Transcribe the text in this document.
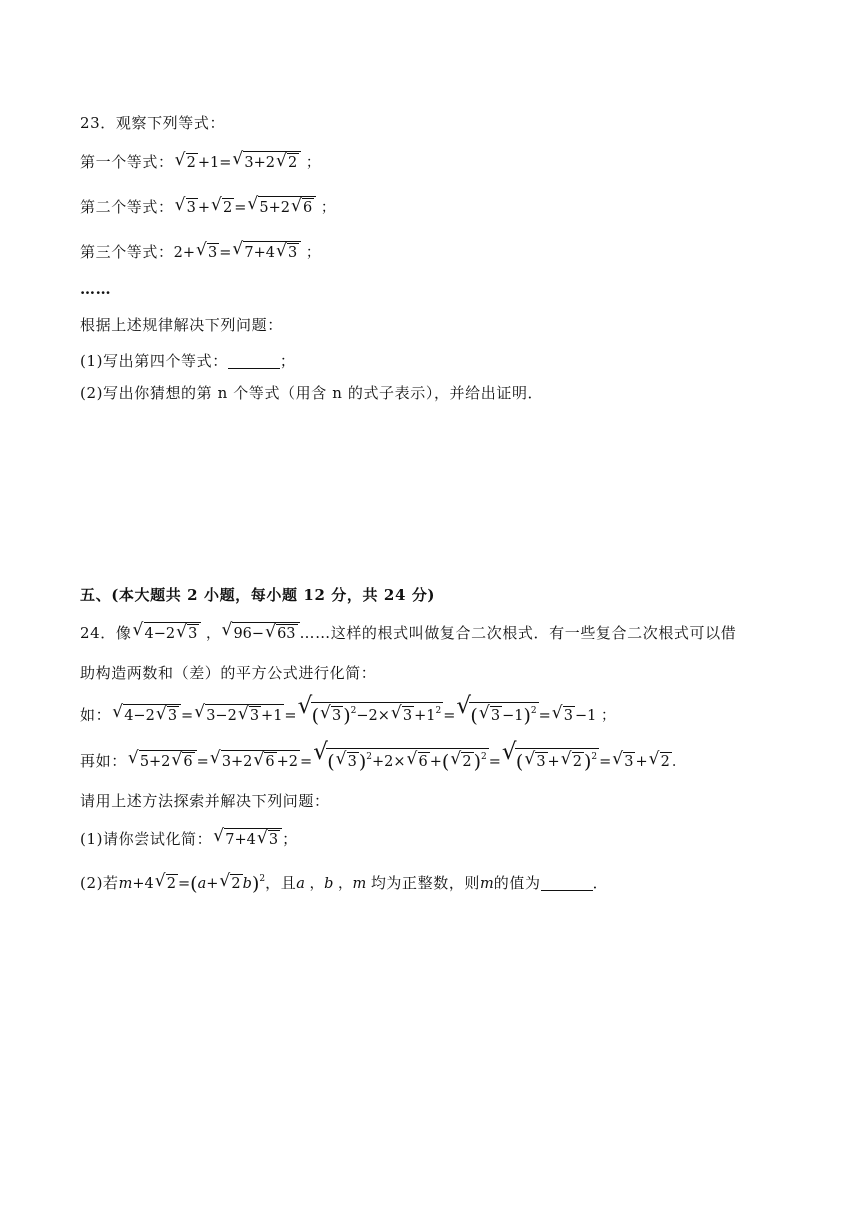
23．观察下列等式：
第一个等式： √ 2 +1= √ 3+2 √ 2 ；
第二个等式： √ 3 + √ 2 = √ 5+2 √ 6 ；
第三个等式：2+ √ 3 = √ 7+4 √ 3 ；
……
根据上述规律解决下列问题：
(1)写出第四个等式：	；
(2)写出你猜想的第 n 个等式（用含 n 的式子表示），并给出证明．
五、(本大题共 2 小题，每小题 12 分，共 24 分)
24．像 √ 4−2 √ 3 ， √ 96− √ 63 ……这样的根式叫做复合二次根式．有一些复合二次根式可以借
助构造两数和（差）的平方公式进行化简：
如： √ 4−2 √ 3 = √ 3−2 √ 3 +1 = √ ( √ 3 )$^2$−2× √ $3 +1^2$ = √ ( √ 3 −1)$^2$ = √ 3 −1 ；
再如： √ 5+2 √ 6 = √ 3+2 √ 6 +2 = √ ( √ 3 )$^2$+2× √ 6 +( √ 2 )$^2$ = √ ( √ 3 + √ 2 )$^2$ = √ 3 + √ 2 ．
请用上述方法探索并解决下列问题：
(1)请你尝试化简： √ 7+4 √ 3 ；
(2)若m+4 √ 2 =(a+ √ 2 b)$^2$，且a ，b ，m 均为正整数，则m的值为	．
